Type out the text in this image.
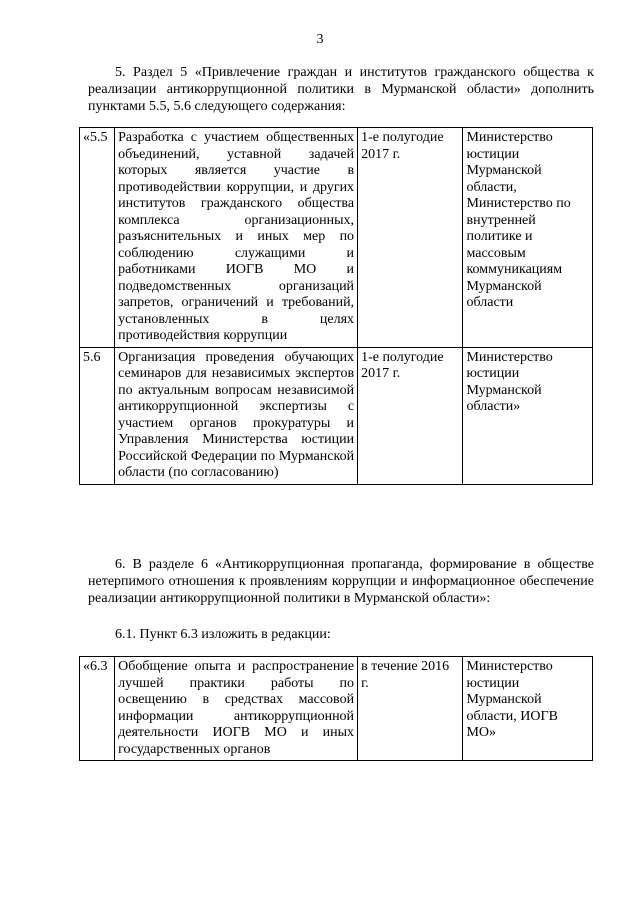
3
5. Раздел 5 «Привлечение граждан и институтов гражданского общества к реализации антикоррупционной политики в Мурманской области» дополнить пунктами 5.5, 5.6 следующего содержания:
«5.5	Разработка с участием общественных объединений, уставной задачей которых является участие в противодействии коррупции, и других институтов гражданского общества комплекса организационных, разъяснительных и иных мер по соблюдению служащими и работниками ИОГВ МО и подведомственных организаций запретов, ограничений и требований, установленных в целях противодействия коррупции	1-е полугодие 2017 г.	Министерство юстиции Мурманской области, Министерство по внутренней политике и массовым коммуникациям Мурманской области
5.6	Организация проведения обучающих семинаров для независимых экспертов по актуальным вопросам независимой антикоррупционной экспертизы с участием органов прокуратуры и Управления Министерства юстиции Российской Федерации по Мурманской области (по согласованию)	1-е полугодие 2017 г.	Министерство юстиции Мурманской области»
6. В разделе 6 «Антикоррупционная пропаганда, формирование в обществе нетерпимого отношения к проявлениям коррупции и информационное обеспечение реализации антикоррупционной политики в Мурманской области»:
6.1. Пункт 6.3 изложить в редакции:
«6.3	Обобщение опыта и распространение лучшей практики работы по освещению в средствах массовой информации антикоррупционной деятельности ИОГВ МО и иных государственных органов	в течение 2016 г.	Министерство юстиции Мурманской области, ИОГВ МО»
